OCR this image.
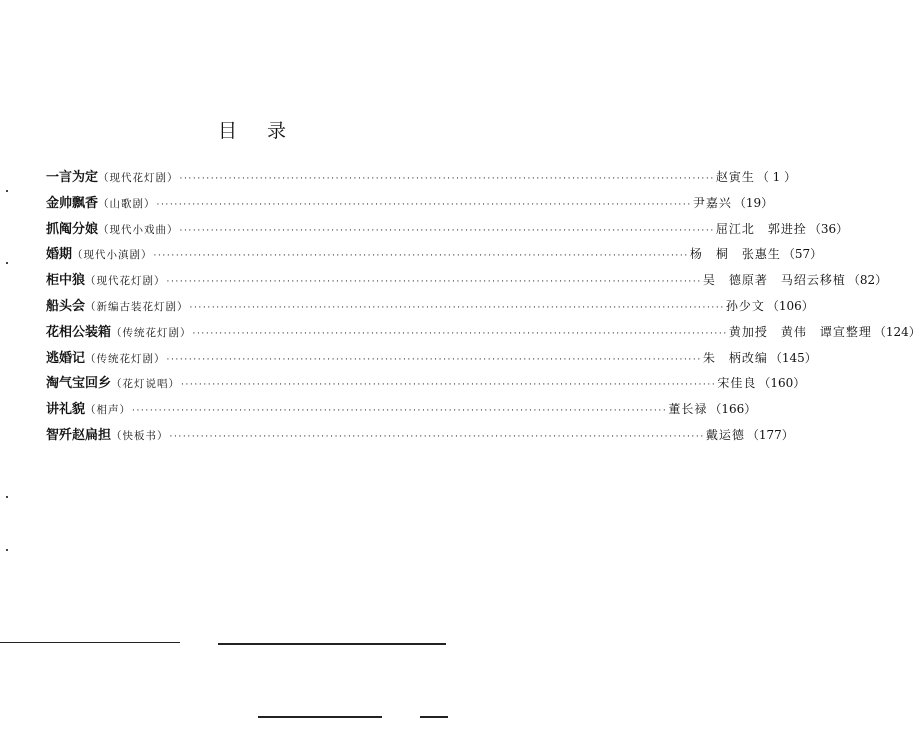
目录
一言为定 （现代花灯剧） ························································································································ 赵寅生 （ 1 ）
金帅飘香 （山歌剧） ························································································································ 尹嘉兴 （19）
抓阄分娘 （现代小戏曲） ························································································································ 屈江北　郭进拴 （36）
婚期 （现代小滇剧） ························································································································ 杨　桐　张惠生 （57）
柜中狼 （现代花灯剧） ························································································································ 吴　德原著　马绍云移植 （82）
船头会 （新编古装花灯剧） ························································································································ 孙少文 （106）
花相公装箱 （传统花灯剧） ························································································································ 黄加授　黄伟　谭宣整理 （124）
逃婚记 （传统花灯剧） ························································································································ 朱　柄改编 （145）
淘气宝回乡 （花灯说唱） ························································································································ 宋佳良 （160）
讲礼貌 （相声） ························································································································ 董长禄 （166）
智歼赵扁担 （快板书） ························································································································ 戴运德 （177）
